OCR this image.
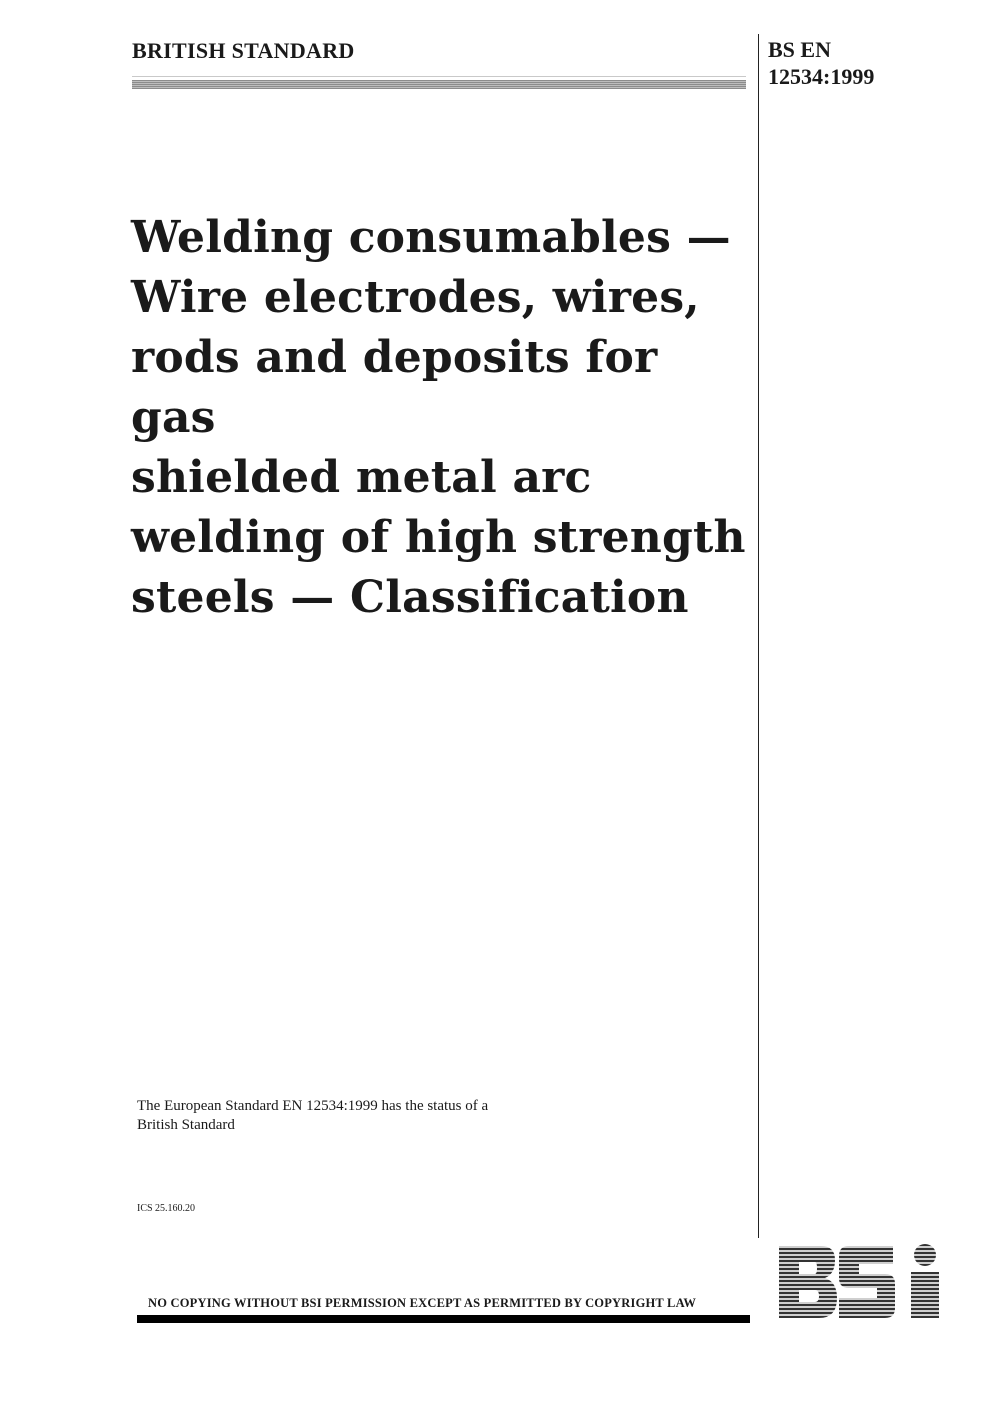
BRITISH STANDARD	BS EN
12534:1999
Welding consumables —
Wire electrodes, wires,
rods and deposits for gas
shielded metal arc
welding of high strength
steels — Classification
The European Standard EN 12534:1999 has the status of a
British Standard
ICS 25.160.20
NO COPYING WITHOUT BSI PERMISSION EXCEPT AS PERMITTED BY COPYRIGHT LAW
